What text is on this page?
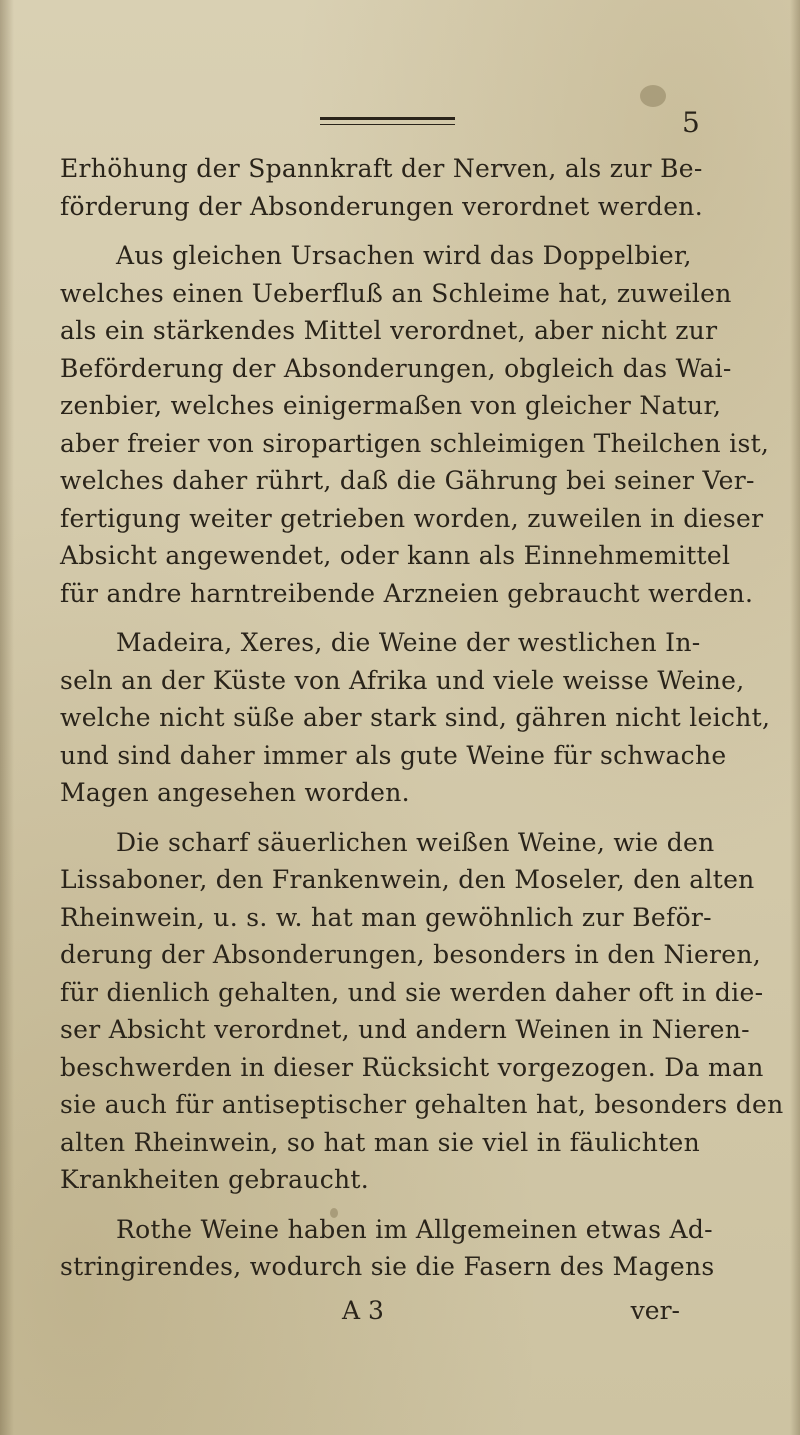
5
Erhöhung der Spannkraft der Nerven, als zur Be-
förderung der Absonderungen verordnet werden.
Aus gleichen Ursachen wird das Doppelbier,
welches einen Ueberfluß an Schleime hat, zuweilen
als ein stärkendes Mittel verordnet, aber nicht zur
Beförderung der Absonderungen, obgleich das Wai-
zenbier, welches einigermaßen von gleicher Natur,
aber freier von siropartigen schleimigen Theilchen ist,
welches daher rührt, daß die Gährung bei seiner Ver-
fertigung weiter getrieben worden, zuweilen in dieser
Absicht angewendet, oder kann als Einnehmemittel
für andre harntreibende Arzneien gebraucht werden.
Madeira, Xeres, die Weine der westlichen In-
seln an der Küste von Afrika und viele weisse Weine,
welche nicht süße aber stark sind, gähren nicht leicht,
und sind daher immer als gute Weine für schwache
Magen angesehen worden.
Die scharf säuerlichen weißen Weine, wie den
Lissaboner, den Frankenwein, den Moseler, den alten
Rheinwein, u. s. w. hat man gewöhnlich zur Beför-
derung der Absonderungen, besonders in den Nieren,
für dienlich gehalten, und sie werden daher oft in die-
ser Absicht verordnet, und andern Weinen in Nieren-
beschwerden in dieser Rücksicht vorgezogen. Da man
sie auch für antiseptischer gehalten hat, besonders den
alten Rheinwein, so hat man sie viel in fäulichten
Krankheiten gebraucht.
Rothe Weine haben im Allgemeinen etwas Ad-
stringirendes, wodurch sie die Fasern des Magens
A 3	ver-
